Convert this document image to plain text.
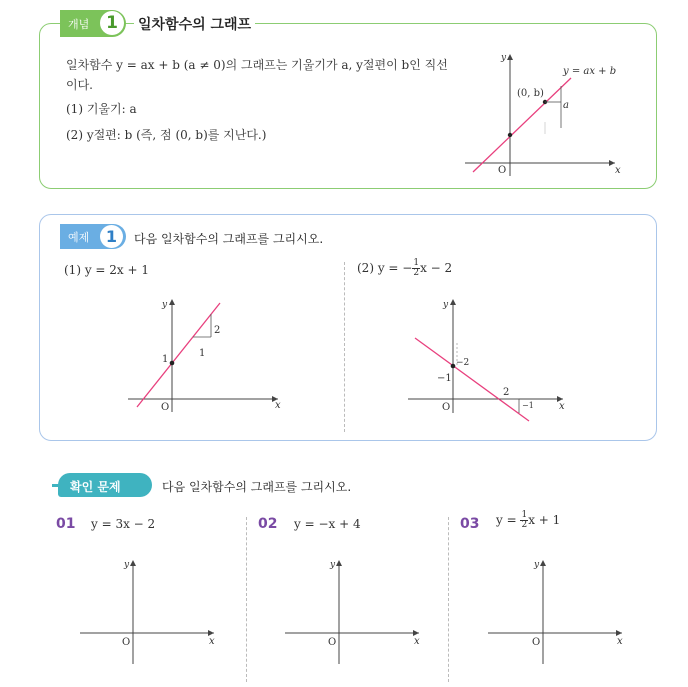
개념 1	일차함수의 그래프
일차함수 y = ax + b (a ≠ 0)의 그래프는 기울기가 a, y절편이 b인 직선
이다.
(1) 기울기: a
(2) y절편: b (즉, 점 (0, b)를 지난다.)
(0, b)
y = ax + b
a
O	x
y
예제	1	다음 일차함수의 그래프를 그리시오.
(1) y = 2x + 1
1
1
2
O	x
y
(2) y = − $\frac{1}{2}$ x − 2
−2
−1
2
−1
O	x
y
확인 문제	다음 일차함수의 그래프를 그리시오.
01 y = 3x − 2
O	x
y
02 y = −x + 4
O	x
y
03 $y = \frac{1}{2}$ x + 1
O	x
y
